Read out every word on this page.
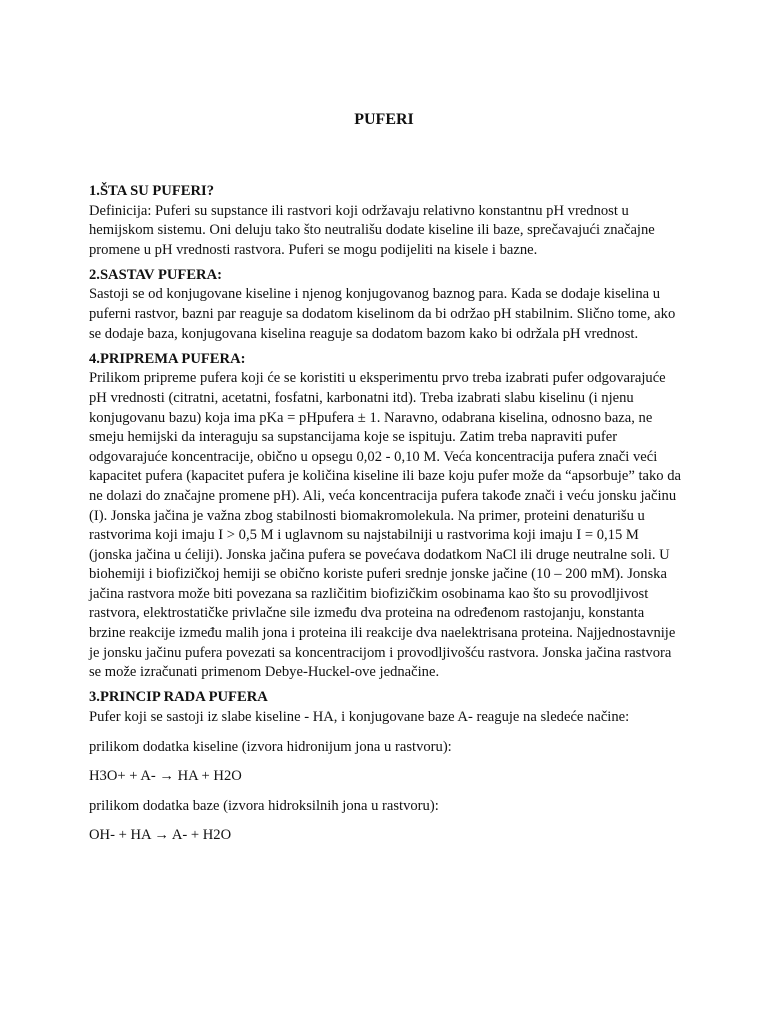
PUFERI

1.ŠTA SU PUFERI?

Definicija: Puferi su supstance ili rastvori koji održavaju relativno konstantnu pH vrednost u hemijskom sistemu. Oni deluju tako što neutrališu dodate kiseline ili baze, sprečavajući značajne promene u pH vrednosti rastvora. Puferi se mogu podijeliti na kisele i bazne.

2.SASTAV PUFERA:

Sastoji se od konjugovane kiseline i njenog konjugovanog baznog para. Kada se dodaje kiselina u puferni rastvor, bazni par reaguje sa dodatom kiselinom da bi održao pH stabilnim. Slično tome, ako se dodaje baza, konjugovana kiselina reaguje sa dodatom bazom kako bi održala pH vrednost.

4.PRIPREMA PUFERA:

Prilikom pripreme pufera koji će se koristiti u eksperimentu prvo treba izabrati pufer odgovarajuće pH vrednosti (citratni, acetatni, fosfatni, karbonatni itd). Treba izabrati slabu kiselinu (i njenu konjugovanu bazu) koja ima pKa = pHpufera ± 1. Naravno, odabrana kiselina, odnosno baza, ne smeju hemijski da interaguju sa supstancijama koje se ispituju. Zatim treba napraviti pufer odgovarajuće koncentracije, obično u opsegu 0,02 - 0,10 M. Veća koncentracija pufera znači veći kapacitet pufera (kapacitet pufera je količina kiseline ili baze koju pufer može da “apsorbuje” tako da ne dolazi do značajne promene pH). Ali, veća koncentracija pufera takođe znači i veću jonsku jačinu (I). Jonska jačina je važna zbog stabilnosti biomakromolekula. Na primer, proteini denaturišu u rastvorima koji imaju I > 0,5 M i uglavnom su najstabilniji u rastvorima koji imaju I = 0,15 M (jonska jačina u ćeliji). Jonska jačina pufera se povećava dodatkom NaCl ili druge neutralne soli. U biohemiji i biofizičkoj hemiji se obično koriste puferi srednje jonske jačine (10 – 200 mM). Jonska jačina rastvora može biti povezana sa različitim biofizičkim osobinama kao što su provodljivost rastvora, elektrostatičke privlačne sile između dva proteina na određenom rastojanju, konstanta brzine reakcije između malih jona i proteina ili reakcije dva naelektrisana proteina. Najjednostavnije je jonsku jačinu pufera povezati sa koncentracijom i provodljivošću rastvora. Jonska jačina rastvora se može izračunati primenom Debye-Huckel-ove jednačine.

3.PRINCIP RADA PUFERA

Pufer koji se sastoji iz slabe kiseline - HA, i konjugovane baze A- reaguje na sledeće načine:

prilikom dodatka kiseline (izvora hidronijum jona u rastvoru):

H3O+ + A- → HA + H2O

prilikom dodatka baze (izvora hidroksilnih jona u rastvoru):

OH- + HA → A- + H2O
